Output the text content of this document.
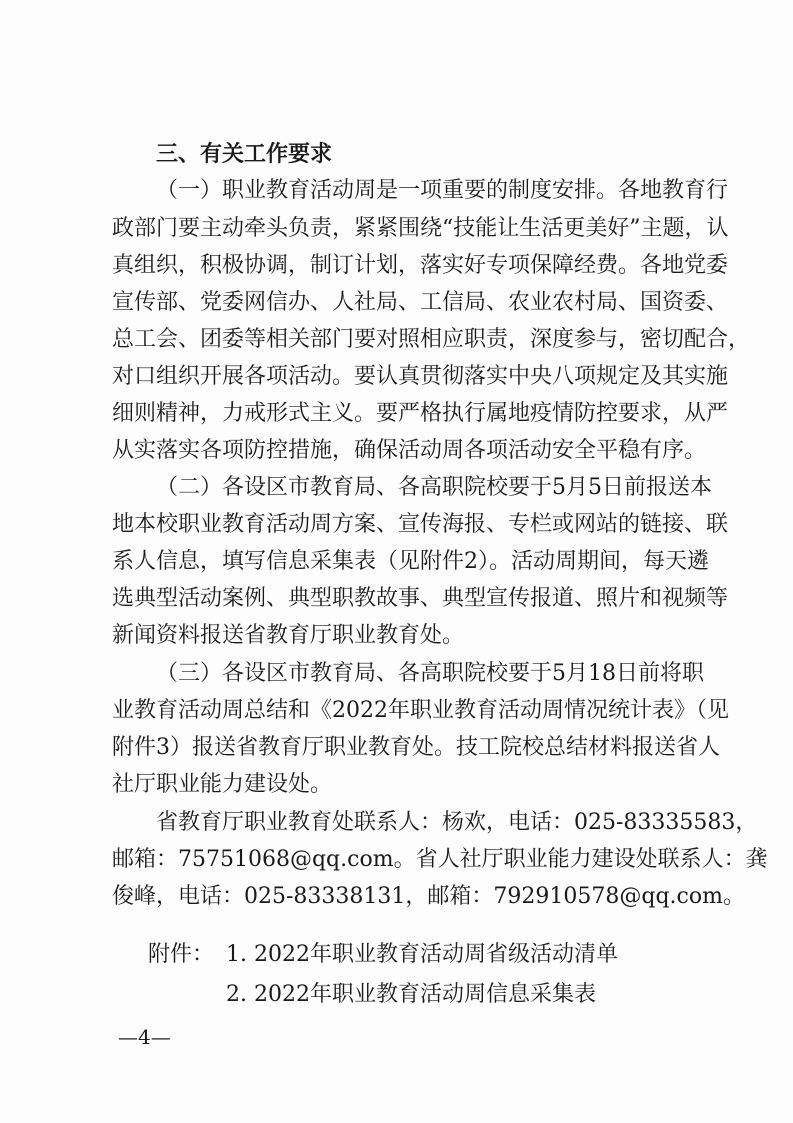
三、有关工作要求
（一）职业教育活动周是一项重要的制度安排。各地教育行
政部门要主动牵头负责，紧紧围绕“技能让生活更美好”主题，认
真组织，积极协调，制订计划，落实好专项保障经费。各地党委
宣传部、党委网信办、人社局、工信局、农业农村局、国资委、
总工会、团委等相关部门要对照相应职责，深度参与，密切配合，
对口组织开展各项活动。要认真贯彻落实中央八项规定及其实施
细则精神，力戒形式主义。要严格执行属地疫情防控要求，从严
从实落实各项防控措施，确保活动周各项活动安全平稳有序。
（二）各设区市教育局、各高职院校要于5月5日前报送本
地本校职业教育活动周方案、宣传海报、专栏或网站的链接、联
系人信息，填写信息采集表（见附件2）。活动周期间，每天遴
选典型活动案例、典型职教故事、典型宣传报道、照片和视频等
新闻资料报送省教育厅职业教育处。
（三）各设区市教育局、各高职院校要于5月18日前将职
业教育活动周总结和《2022年职业教育活动周情况统计表》（见
附件3）报送省教育厅职业教育处。技工院校总结材料报送省人
社厅职业能力建设处。
省教育厅职业教育处联系人：杨欢，电话：025-83335583，
邮箱：75751068@qq.com。省人社厅职业能力建设处联系人：龚
俊峰，电话：025-83338131，邮箱：792910578@qq.com。
附件： 1. 2022年职业教育活动周省级活动清单
2. 2022年职业教育活动周信息采集表
—4—
